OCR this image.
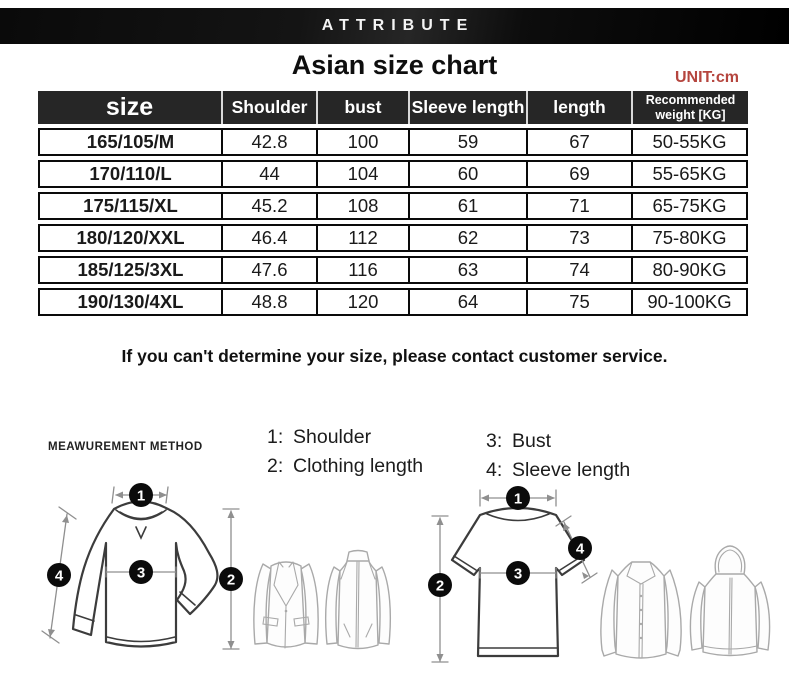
ATTRIBUTE
Asian size chart	UNIT:cm
size	Shoulder	bust	Sleeve length	length	Recommended weight [KG]
165/105/M	42.8	100	59	67	50-55KG
170/110/L	44	104	60	69	55-65KG
175/115/XL	45.2	108	61	71	65-75KG
180/120/XXL	46.4	112	62	73	75-80KG
185/125/3XL	47.6	116	63	74	80-90KG
190/130/4XL	48.8	120	64	75	90-100KG
If you can't determine your size, please contact customer service.
MEAWUREMENT METHOD	1: Shoulder
2: Clothing length
3: Bust
4: Sleeve length
1
3	2
4
1
2
3
4
